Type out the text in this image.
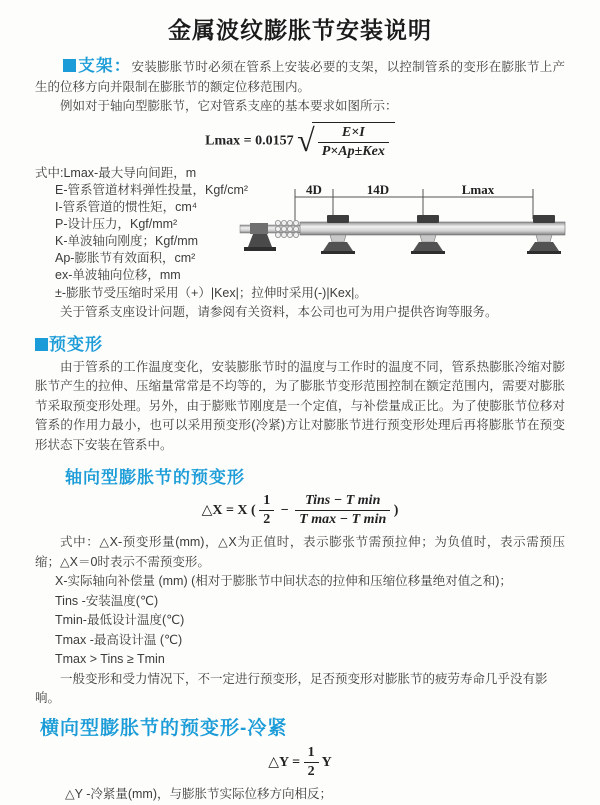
金属波纹膨胀节安装说明

支架：安装膨胀节时必须在管系上安装必要的支架，以控制管系的变形在膨胀节上产生的位移方向并限制在膨胀节的额定位移范围内。

例如对于轴向型膨胀节，它对管系支座的基本要求如图所示：

Lmax = 0.0157 √ $\frac{E\times I}{\text{P×Ap±Kex}}$

式中:Lmax-最大导向间距，m

E-管系管道材料弹性投量，Kgf/cm²

I-管系管道的惯性矩，cm⁴

P-设计压力，Kgf/mm²

K-单波轴向刚度；Kgf/mm

Ap-膨胀节有效面积，cm²

ex-单波轴向位移，mm

4D	14D	Lmax

±-膨胀节受压缩时采用（+）|Kex|；拉伸时采用(-)|Kex|。

关于管系支座设计问题，请参阅有关资料，本公司也可为用户提供咨询等服务。

预变形

由于管系的工作温度变化，安装膨胀节时的温度与工作时的温度不同，管系热膨胀冷缩对膨胀节产生的拉伸、压缩量常常是不均等的，为了膨胀节变形范围控制在额定范围内，需要对膨胀节采取预变形处理。另外，由于膨账节刚度是一个定值，与补偿量成正比。为了使膨胀节位移对管系的作用力最小，也可以采用预变形(冷紧)方让对膨胀节进行预变形处理后再将膨胀节在预变形状态下安装在管系中。

轴向型膨胀节的预变形
△X = X ( $\frac{1}{2} - \frac{\text{Tins − T min}}{\text{T max − T min}}$ )

式中：△X-预变形量(mm)，△X为正值时，表示膨张节需预拉伸；为负值时，表示需预压缩；△X＝0时表示不需预变形。

X-实际轴向补偿量 (mm) (相对于膨胀节中间状态的拉伸和压缩位移量绝对值之和)；

Tins -安装温度(℃)

Tmin-最低设计温度(℃)

Tmax -最高设计温 (℃)

Tmax > Tins ≥ Tmin

一般变形和受力情况下，不一定进行预变形，足否预变形对膨胀节的疲劳寿命几乎没有影响。

横向型膨胀节的预变形-冷紧
△Y = $\frac{1}{2}$ Y

△Y -冷紧量(mm)，与膨胀节实际位移方向相反；
